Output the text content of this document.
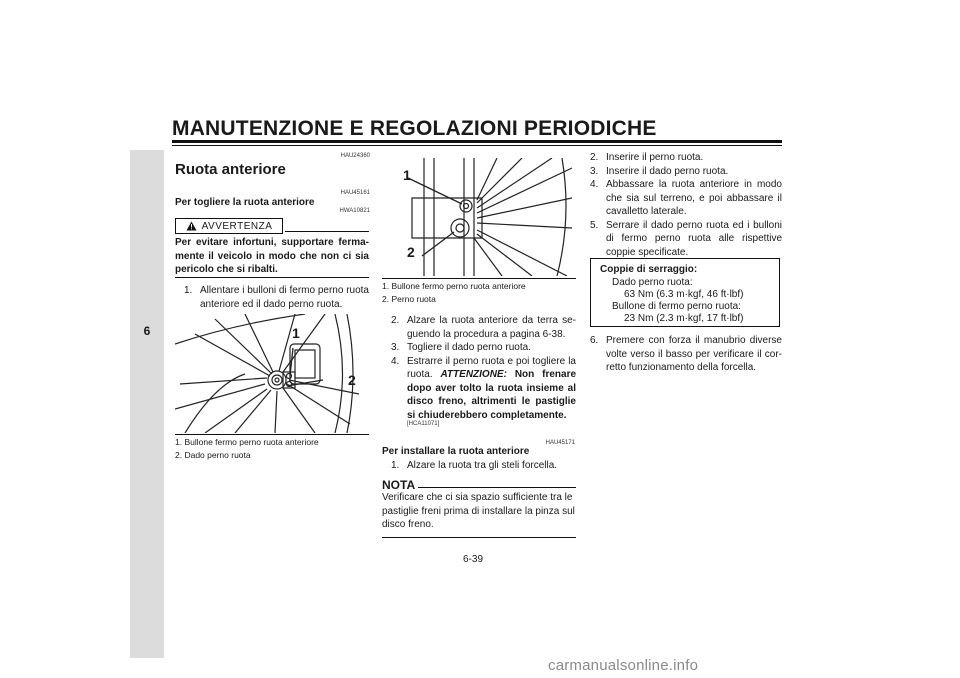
MANUTENZIONE E REGOLAZIONI PERIODICHE
6
HAU24360
Ruota anteriore
HAU45161
Per togliere la ruota anteriore
HWA10821
AVVERTENZA
Per evitare infortuni, supportare ferma-mente il veicolo in modo che non ci sia pericolo che si ribalti.
1. Allentare i bulloni di fermo perno ruota anteriore ed il dado perno ruota.
1
2
1. Bullone fermo perno ruota anteriore
2. Dado perno ruota
1
2
1. Bullone fermo perno ruota anteriore
2. Perno ruota
2. Alzare la ruota anteriore da terra se-guendo la procedura a pagina 6-38.
3. Togliere il dado perno ruota.
4. Estrarre il perno ruota e poi togliere la ruota. ATTENZIONE: Non frenare dopo aver tolto la ruota insieme al disco freno, altrimenti le pastiglie si chiuderebbero completamente.
[HCA11071]
HAU45171
Per installare la ruota anteriore
1. Alzare la ruota tra gli steli forcella.
NOTA
Verificare che ci sia spazio sufficiente tra le pastiglie freni prima di installare la pinza sul disco freno.
2. Inserire il perno ruota.
3. Inserire il dado perno ruota.
4. Abbassare la ruota anteriore in modo che sia sul terreno, e poi abbassare il cavalletto laterale.
5. Serrare il dado perno ruota ed i bulloni di fermo perno ruota alle rispettive coppie specificate.
Coppie di serraggio:
Dado perno ruota:
63 Nm (6.3 m·kgf, 46 ft·lbf)
Bullone di fermo perno ruota:
23 Nm (2.3 m·kgf, 17 ft·lbf)
6. Premere con forza il manubrio diverse volte verso il basso per verificare il cor-retto funzionamento della forcella.
6-39
carmanualsonline.info
